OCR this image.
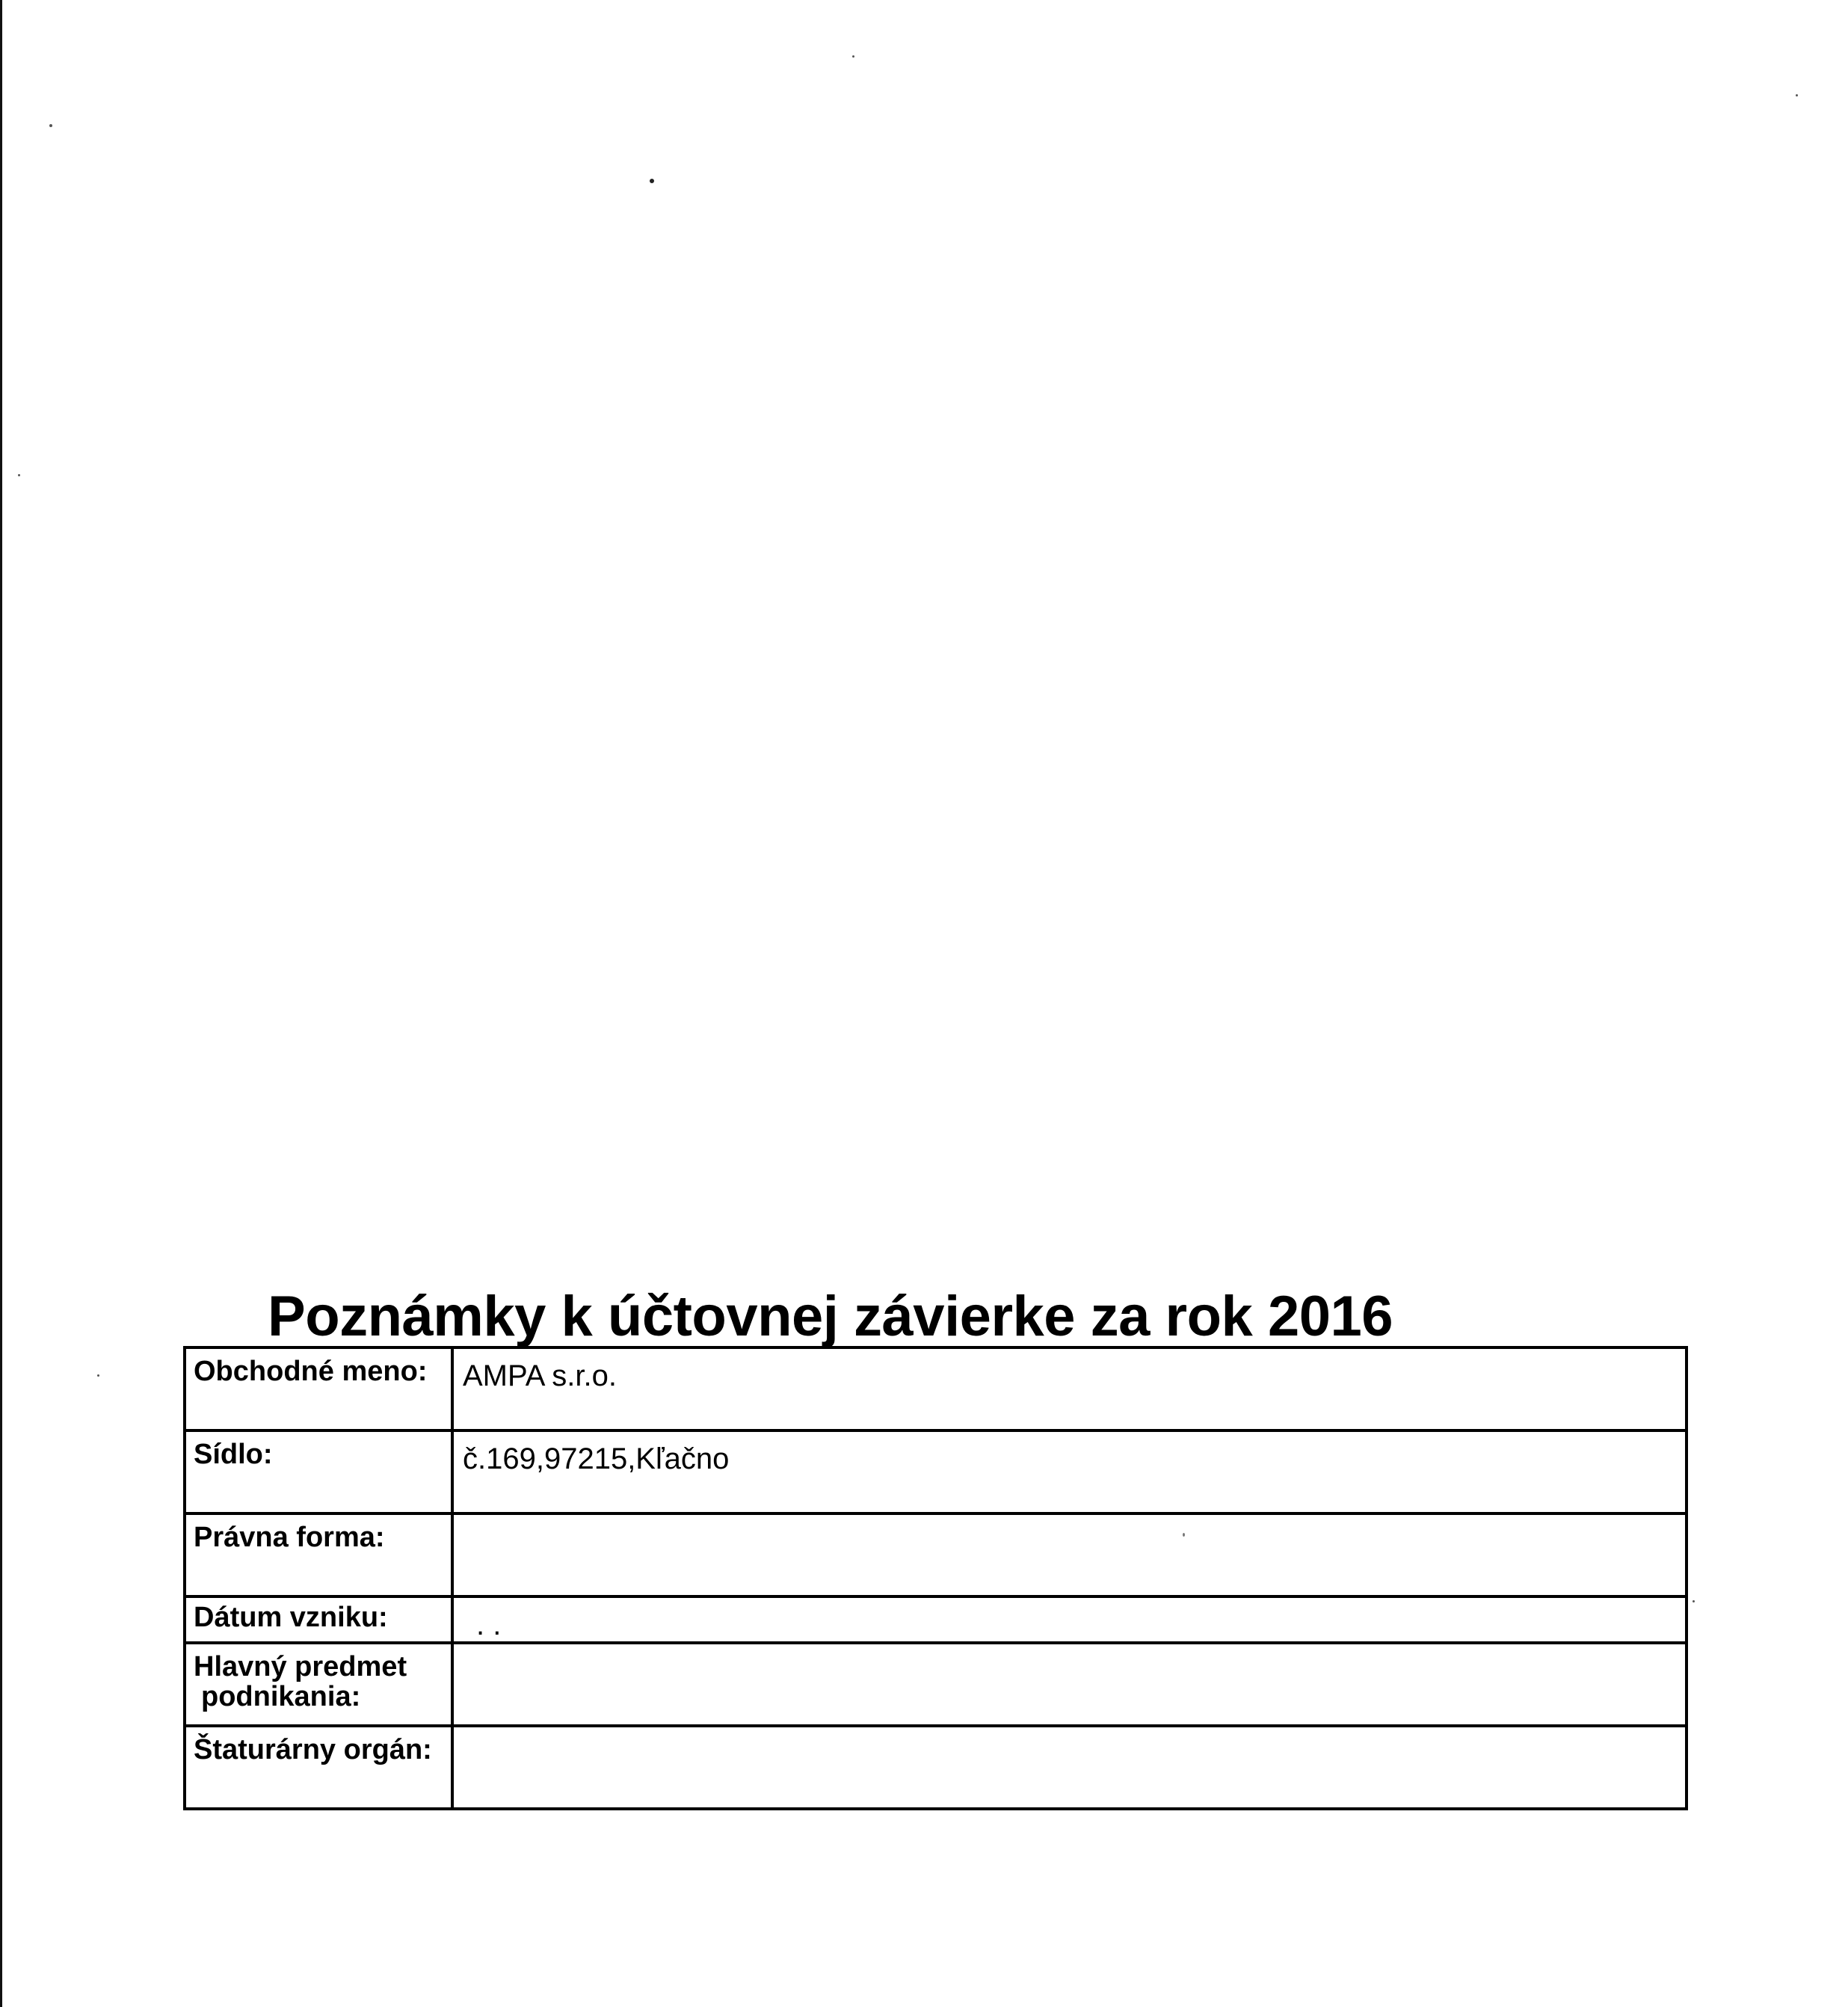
Poznámky k účtovnej závierke za rok 2016
Obchodné meno:	AMPA s.r.o.
Sídlo:	č.169,97215,Kľačno
Právna forma:	
Dátum vzniku:	. .
Hlavný predmet
podnikania:	

Štaturárny orgán:	
